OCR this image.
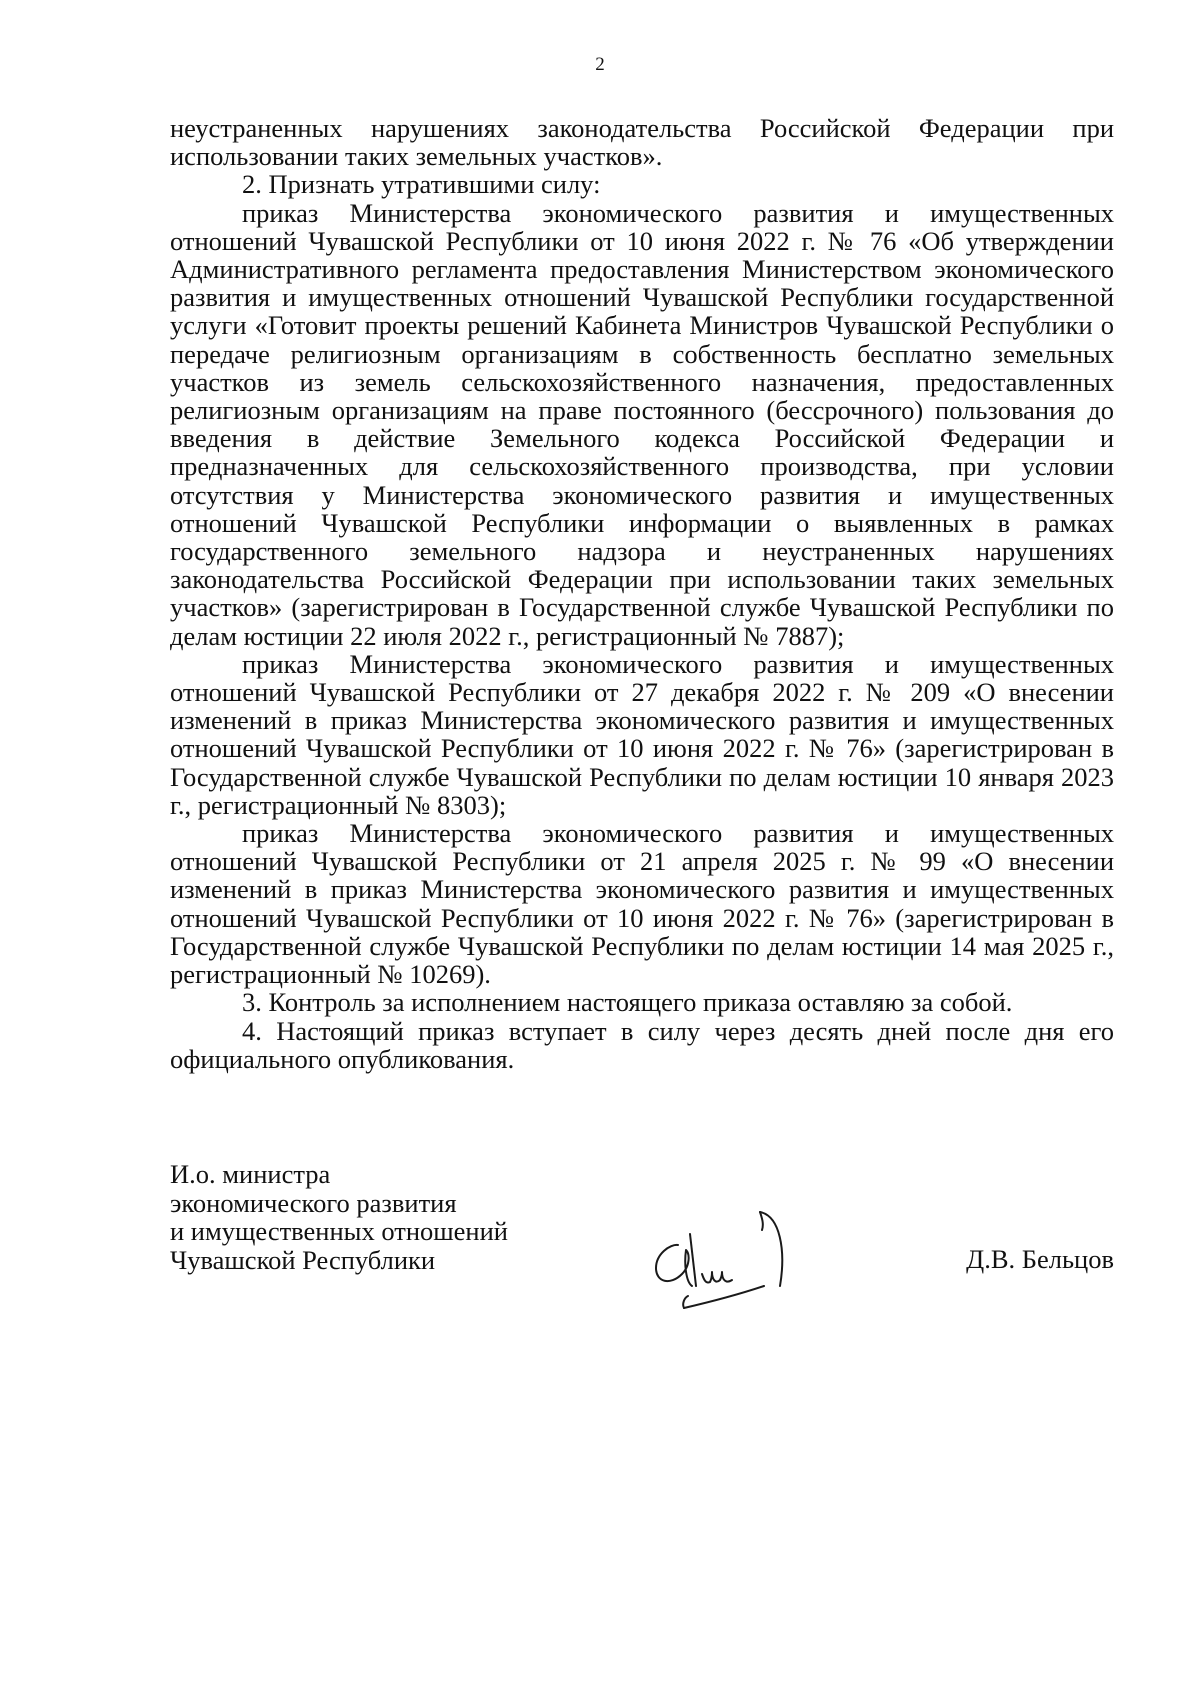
2

неустраненных нарушениях законодательства Российской Федерации при использовании таких земельных участков».

2. Признать утратившими силу:

приказ Министерства экономического развития и имущественных отношений Чувашской Республики от 10 июня 2022 г. № 76 «Об утверждении Административного регламента предоставления Министерством экономического развития и имущественных отношений Чувашской Республики государственной услуги «Готовит проекты решений Кабинета Министров Чувашской Республики о передаче религиозным организациям в собственность бесплатно земельных участков из земель сельскохозяйственного назначения, предоставленных религиозным организациям на праве постоянного (бессрочного) пользования до введения в действие Земельного кодекса Российской Федерации и предназначенных для сельскохозяйственного производства, при условии отсутствия у Министерства экономического развития и имущественных отношений Чувашской Республики информации о выявленных в рамках государственного земельного надзора и неустраненных нарушениях законодательства Российской Федерации при использовании таких земельных участков» (зарегистрирован в Государственной службе Чувашской Республики по делам юстиции 22 июля 2022 г., регистрационный № 7887);

приказ Министерства экономического развития и имущественных отношений Чувашской Республики от 27 декабря 2022 г. № 209 «О внесении изменений в приказ Министерства экономического развития и имущественных отношений Чувашской Республики от 10 июня 2022 г. № 76» (зарегистрирован в Государственной службе Чувашской Республики по делам юстиции 10 января 2023 г., регистрационный № 8303);

приказ Министерства экономического развития и имущественных отношений Чувашской Республики от 21 апреля 2025 г. № 99 «О внесении изменений в приказ Министерства экономического развития и имущественных отношений Чувашской Республики от 10 июня 2022 г. № 76» (зарегистрирован в Государственной службе Чувашской Республики по делам юстиции 14 мая 2025 г., регистрационный № 10269).

3. Контроль за исполнением настоящего приказа оставляю за собой.

4. Настоящий приказ вступает в силу через десять дней после дня его официального опубликования.

И.о. министра
экономического развития
и имущественных отношений
Чувашской Республики	Д.В. Бельцов
